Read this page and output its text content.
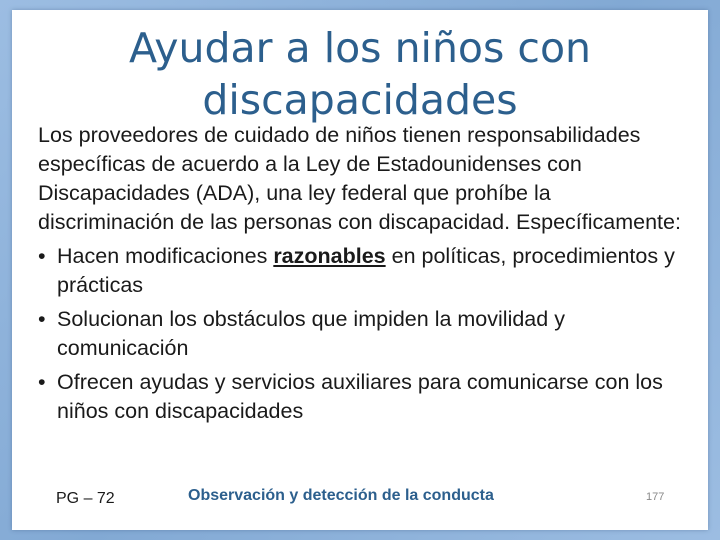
Ayudar a los niños con
discapacidades

Los proveedores de cuidado de niños tienen responsabilidades específicas de acuerdo a la Ley de Estadounidenses con Discapacidades (ADA), una ley federal que prohíbe la discriminación de las personas con discapacidad. Específicamente:

• Hacen modificaciones razonables en políticas, procedimientos y prácticas
• Solucionan los obstáculos que impiden la movilidad y comunicación
• Ofrecen ayudas y servicios auxiliares para comunicarse con los niños con discapacidades
PG – 72	Observación y detección de la conducta	177
